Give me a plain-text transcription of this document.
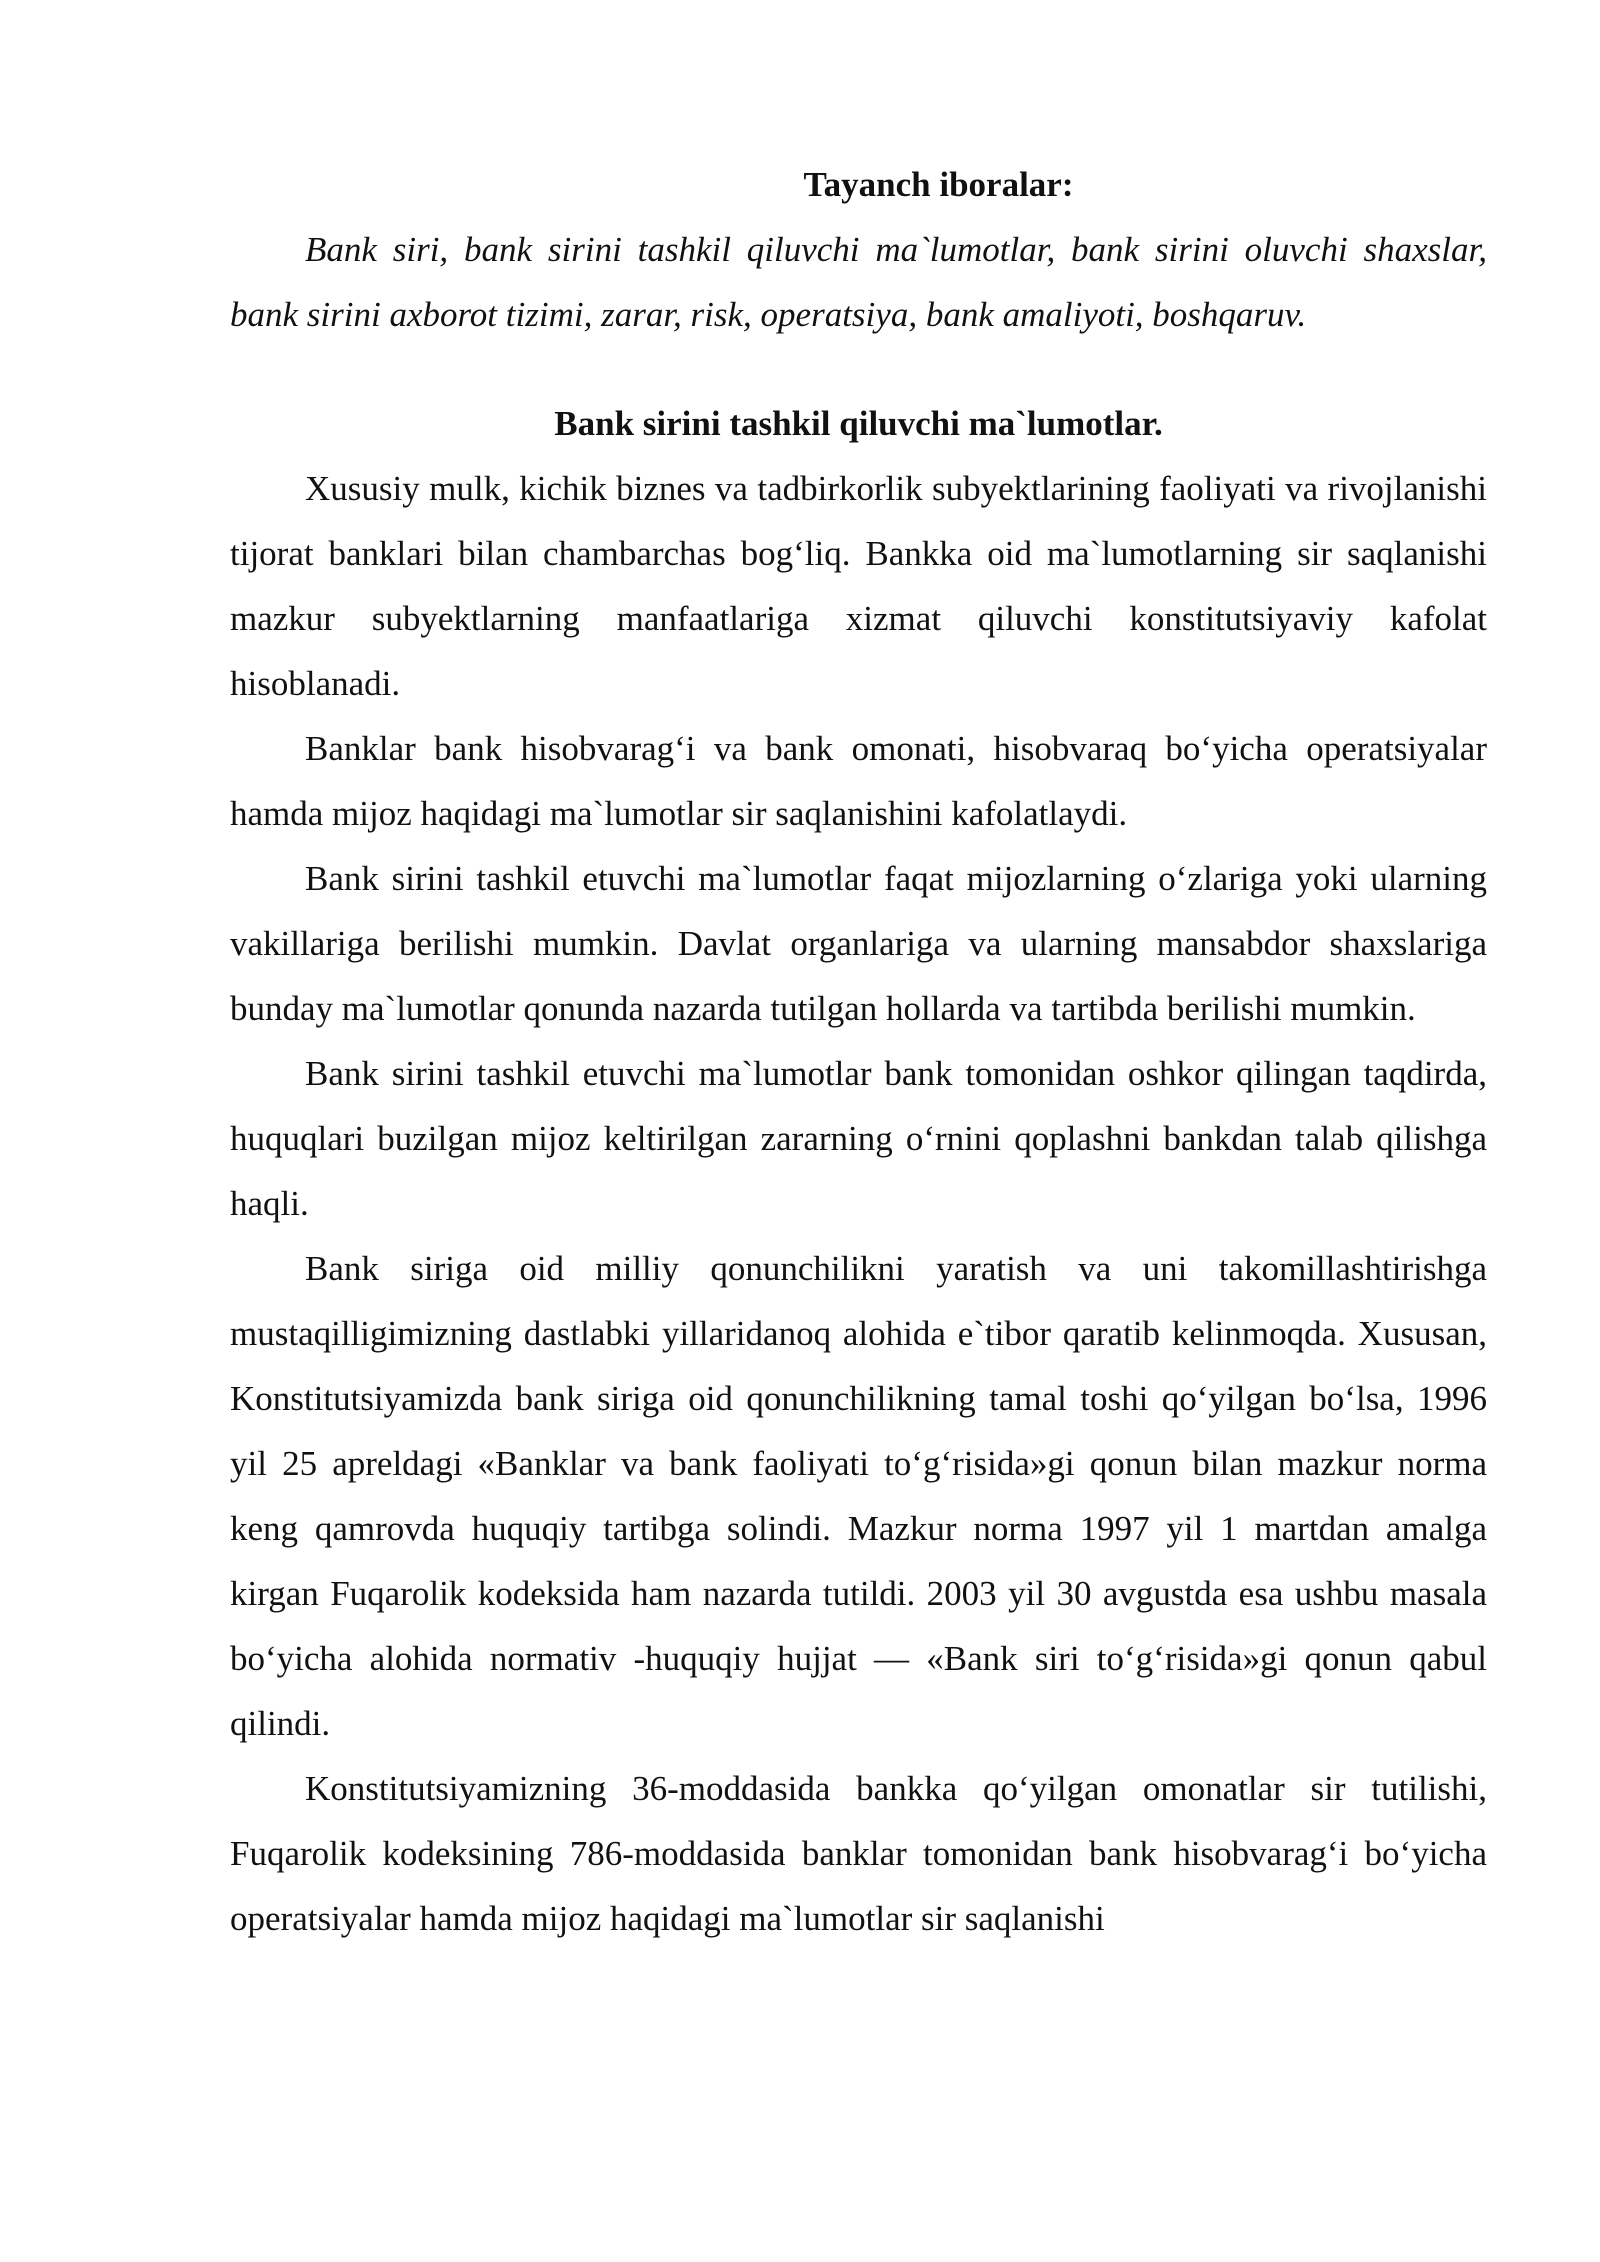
Tayanch iboralar:

Bank siri, bank sirini tashkil qiluvchi ma`lumotlar, bank sirini oluvchi shaxslar, bank sirini axborot tizimi, zarar, risk, operatsiya, bank amaliyoti, boshqaruv.

Bank sirini tashkil qiluvchi ma`lumotlar.

Xususiy mulk, kichik biznes va tadbirkorlik subyektlarining faoliyati va rivojlanishi tijorat banklari bilan chambarchas bog‘liq. Bankka oid ma`lumotlarning sir saqlanishi mazkur subyektlarning manfaatlariga xizmat qiluvchi konstitutsiyaviy kafolat hisoblanadi.

Banklar bank hisobvarag‘i va bank omonati, hisobvaraq bo‘yicha operatsiyalar hamda mijoz haqidagi ma`lumotlar sir saqlanishini kafolatlaydi.

Bank sirini tashkil etuvchi ma`lumotlar faqat mijozlarning o‘zlariga yoki ularning vakillariga berilishi mumkin. Davlat organlariga va ularning mansabdor shaxslariga bunday ma`lumotlar qonunda nazarda tutilgan hollarda va tartibda berilishi mumkin.

Bank sirini tashkil etuvchi ma`lumotlar bank tomonidan oshkor qilingan taqdirda, huquqlari buzilgan mijoz keltirilgan zararning o‘rnini qoplashni bankdan talab qilishga haqli.

Bank siriga oid milliy qonunchilikni yaratish va uni takomillashtirishga mustaqilligimizning dastlabki yillaridanoq alohida e`tibor qaratib kelinmoqda. Xususan, Konstitutsiyamizda bank siriga oid qonunchilikning tamal toshi qo‘yilgan bo‘lsa, 1996 yil 25 apreldagi «Banklar va bank faoliyati to‘g‘risida»gi qonun bilan mazkur norma keng qamrovda huquqiy tartibga solindi. Mazkur norma 1997 yil 1 martdan amalga kirgan Fuqarolik kodeksida ham nazarda tutildi. 2003 yil 30 avgustda esa ushbu masala bo‘yicha alohida normativ -huquqiy hujjat — «Bank siri to‘g‘risida»gi qonun qabul qilindi.

Konstitutsiyamizning 36-moddasida bankka qo‘yilgan omonatlar sir tutilishi, Fuqarolik kodeksining 786-moddasida banklar tomonidan bank hisobvarag‘i bo‘yicha operatsiyalar hamda mijoz haqidagi ma`lumotlar sir saqlanishi
